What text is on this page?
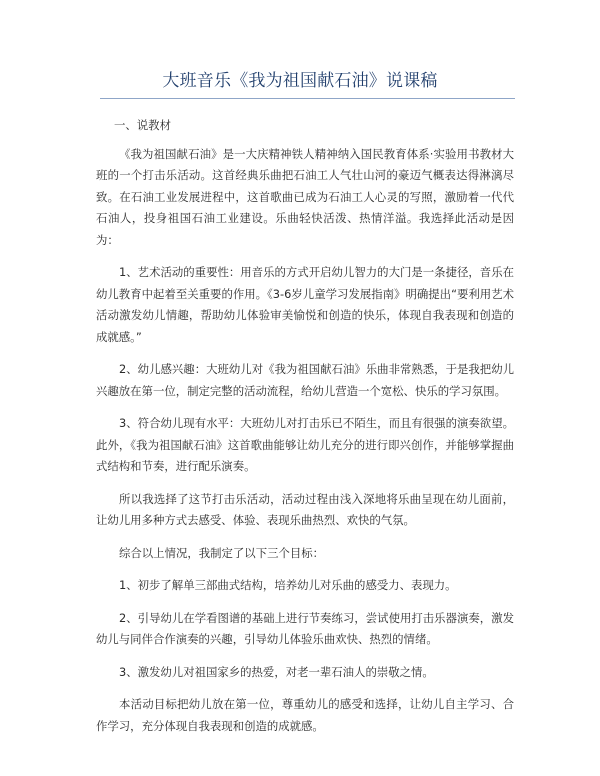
大班音乐《我为祖国献石油》说课稿
一、说教材

《我为祖国献石油》是一大庆精神铁人精神纳入国民教育体系·实验用书教材大班的一个打击乐活动。这首经典乐曲把石油工人气壮山河的豪迈气概表达得淋漓尽致。在石油工业发展进程中，这首歌曲已成为石油工人心灵的写照，激励着一代代石油人，投身祖国石油工业建设。乐曲轻快活泼、热情洋溢。我选择此活动是因为：

1、艺术活动的重要性：用音乐的方式开启幼儿智力的大门是一条捷径，音乐在幼儿教育中起着至关重要的作用。《3-6岁儿童学习发展指南》明确提出“要利用艺术活动激发幼儿情趣，帮助幼儿体验审美愉悦和创造的快乐，体现自我表现和创造的成就感。”

2、幼儿感兴趣：大班幼儿对《我为祖国献石油》乐曲非常熟悉，于是我把幼儿兴趣放在第一位，制定完整的活动流程，给幼儿营造一个宽松、快乐的学习氛围。

3、符合幼儿现有水平：大班幼儿对打击乐已不陌生，而且有很强的演奏欲望。此外，《我为祖国献石油》这首歌曲能够让幼儿充分的进行即兴创作，并能够掌握曲式结构和节奏，进行配乐演奏。

所以我选择了这节打击乐活动，活动过程由浅入深地将乐曲呈现在幼儿面前，让幼儿用多种方式去感受、体验、表现乐曲热烈、欢快的气氛。

综合以上情况，我制定了以下三个目标：

1、初步了解单三部曲式结构，培养幼儿对乐曲的感受力、表现力。

2、引导幼儿在学看图谱的基础上进行节奏练习，尝试使用打击乐器演奏，激发幼儿与同伴合作演奏的兴趣，引导幼儿体验乐曲欢快、热烈的情绪。

3、激发幼儿对祖国家乡的热爱，对老一辈石油人的崇敬之情。

本活动目标把幼儿放在第一位，尊重幼儿的感受和选择，让幼儿自主学习、合作学习，充分体现自我表现和创造的成就感。
